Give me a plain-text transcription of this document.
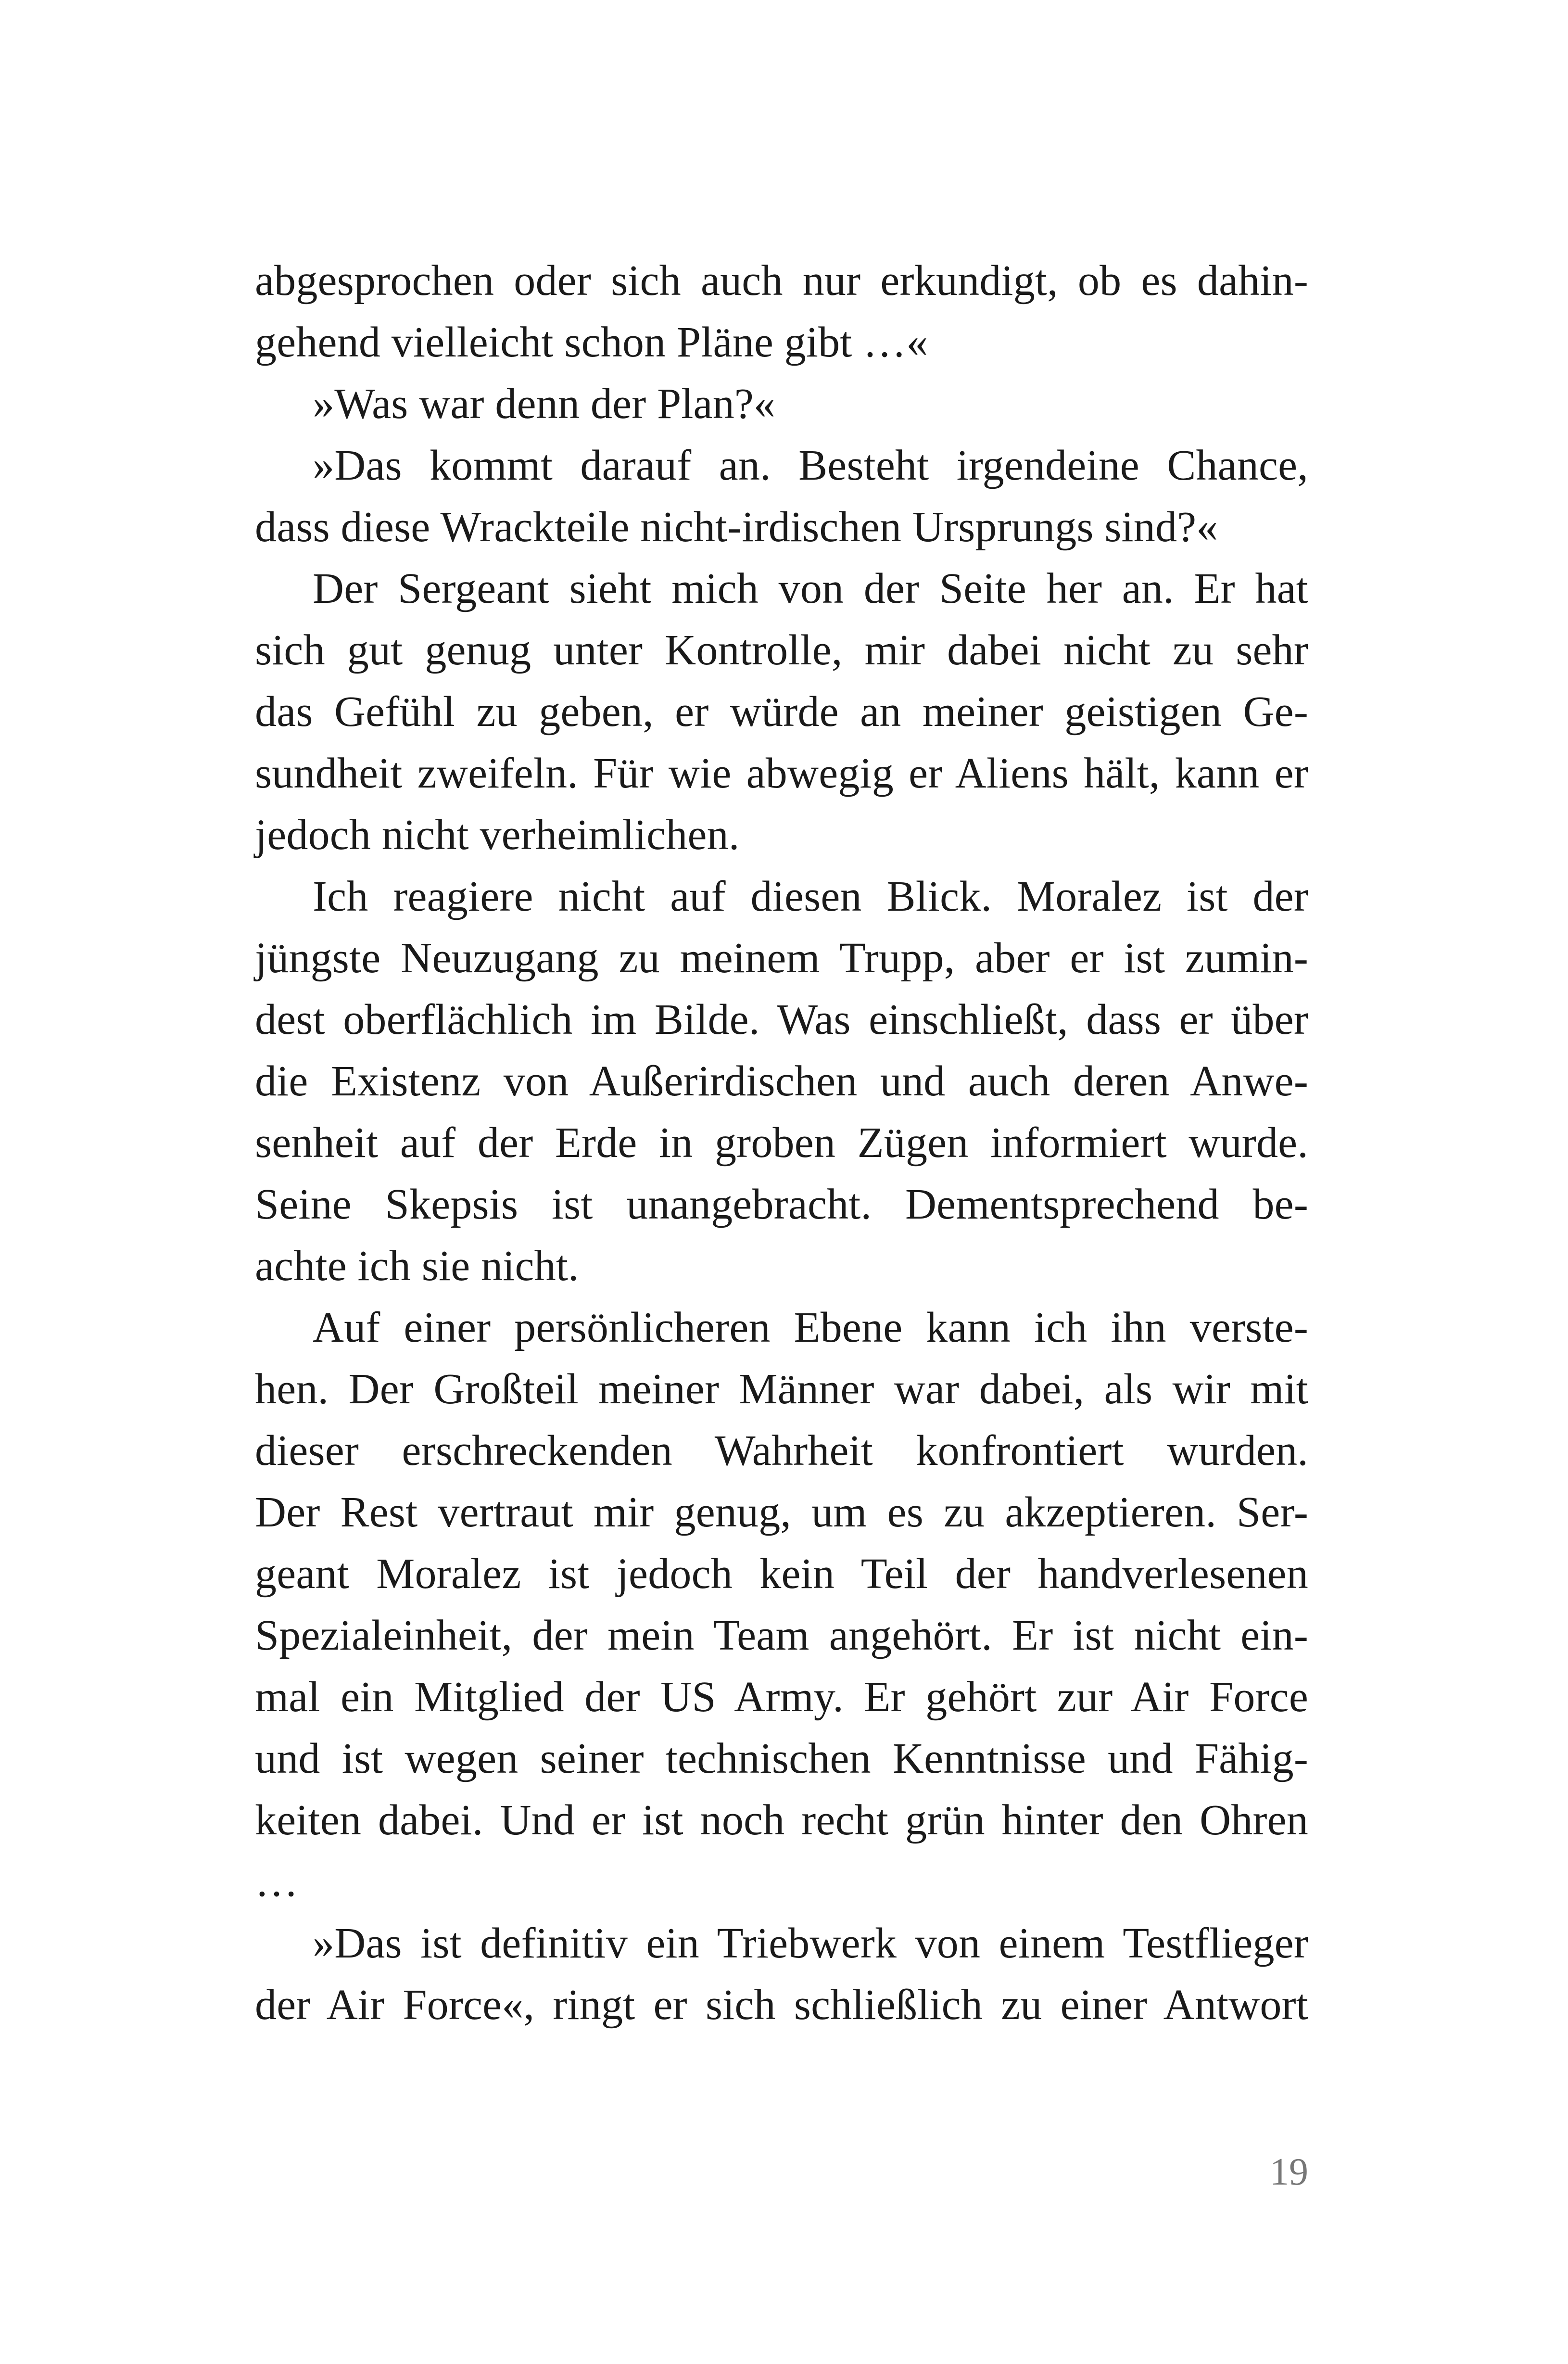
abgesprochen oder sich auch nur erkundigt, ob es dahin-
gehend vielleicht schon Pläne gibt …«
»Was war denn der Plan?«
»Das kommt darauf an. Besteht irgendeine Chance,
dass diese Wrackteile nicht-irdischen Ursprungs sind?«
Der Sergeant sieht mich von der Seite her an. Er hat
sich gut genug unter Kontrolle, mir dabei nicht zu sehr
das Gefühl zu geben, er würde an meiner geistigen Ge-
sundheit zweifeln. Für wie abwegig er Aliens hält, kann er
jedoch nicht verheimlichen.
Ich reagiere nicht auf diesen Blick. Moralez ist der
jüngste Neuzugang zu meinem Trupp, aber er ist zumin-
dest oberflächlich im Bilde. Was einschließt, dass er über
die Existenz von Außerirdischen und auch deren Anwe-
senheit auf der Erde in groben Zügen informiert wurde.
Seine Skepsis ist unangebracht. Dementsprechend be-
achte ich sie nicht.
Auf einer persönlicheren Ebene kann ich ihn verste-
hen. Der Großteil meiner Männer war dabei, als wir mit
dieser erschreckenden Wahrheit konfrontiert wurden.
Der Rest vertraut mir genug, um es zu akzeptieren. Ser-
geant Moralez ist jedoch kein Teil der handverlesenen
Spezialeinheit, der mein Team angehört. Er ist nicht ein-
mal ein Mitglied der US Army. Er gehört zur Air Force
und ist wegen seiner technischen Kenntnisse und Fähig-
keiten dabei. Und er ist noch recht grün hinter den Ohren
…
»Das ist definitiv ein Triebwerk von einem Testflieger
der Air Force«, ringt er sich schließlich zu einer Antwort
19
